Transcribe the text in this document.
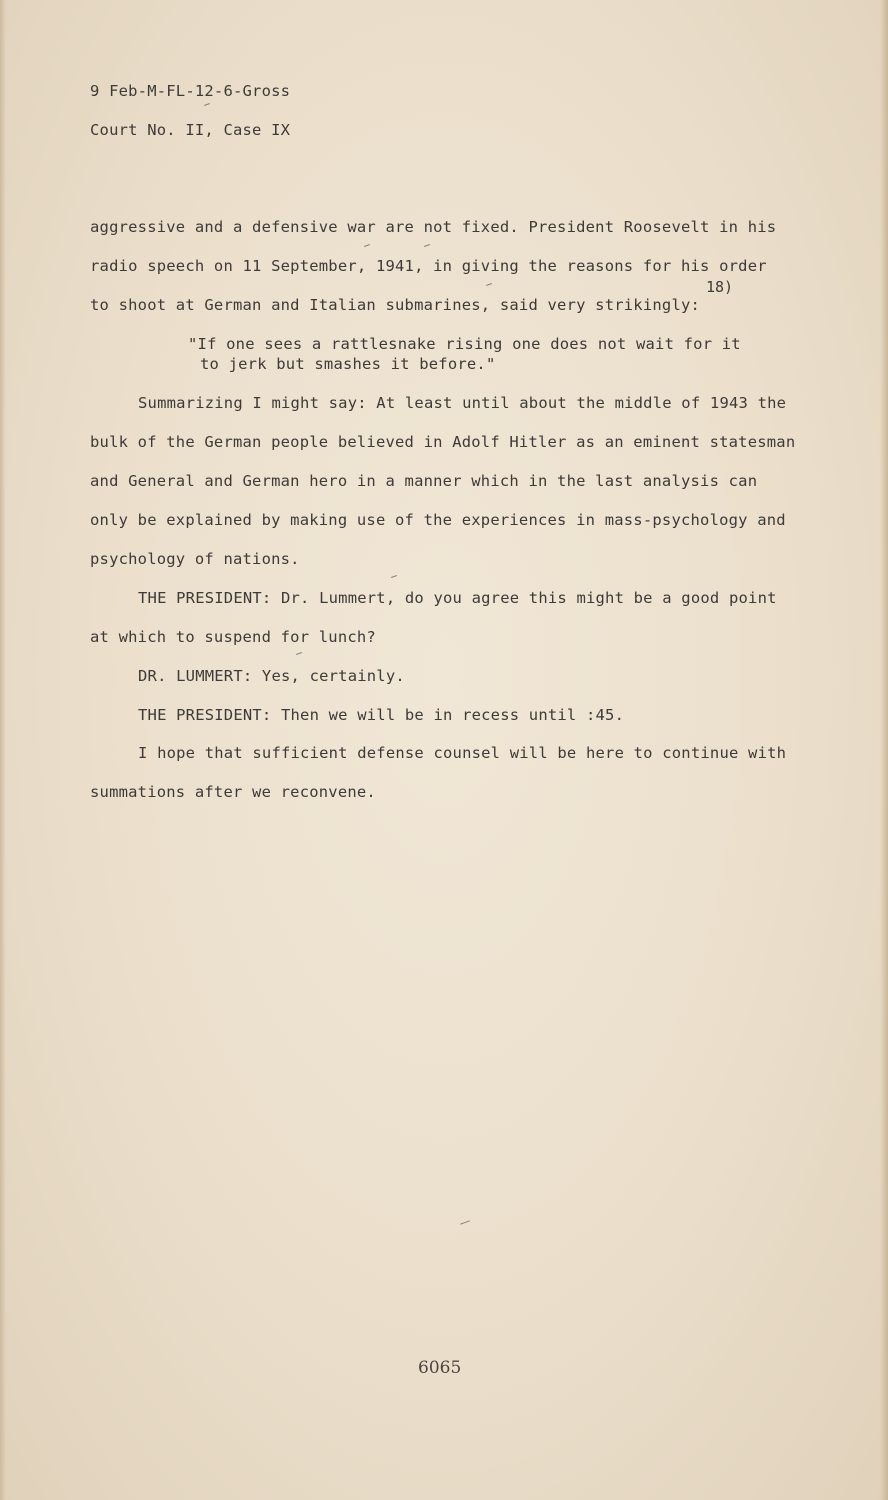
9 Feb-M-FL-12-6-Gross
Court No. II, Case IX
aggressive and a defensive war are not fixed. President Roosevelt in his
radio speech on 11 September, 1941, in giving the reasons for his order
18)
to shoot at German and Italian submarines, said very strikingly:
"If one sees a rattlesnake rising one does not wait for it
to jerk but smashes it before."
Summarizing I might say: At least until about the middle of 1943 the
bulk of the German people believed in Adolf Hitler as an eminent statesman
and General and German hero in a manner which in the last analysis can
only be explained by making use of the experiences in mass-psychology and
psychology of nations.
THE PRESIDENT: Dr. Lummert, do you agree this might be a good point
at which to suspend for lunch?
DR. LUMMERT: Yes, certainly.
THE PRESIDENT: Then we will be in recess until :45.
I hope that sufficient defense counsel will be here to continue with
summations after we reconvene.
6065
